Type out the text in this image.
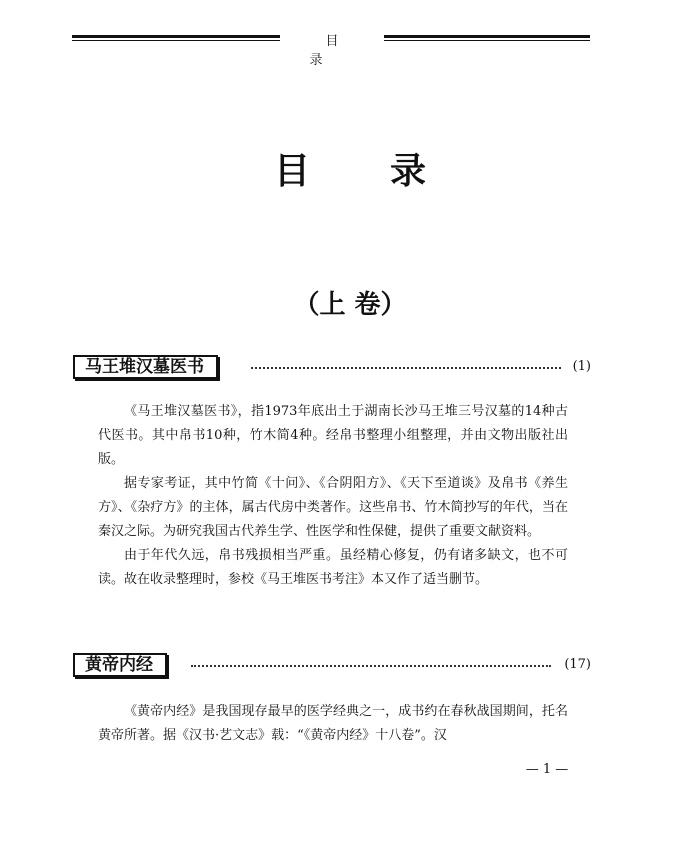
目录
目录
（上 卷）
马王堆汉墓医书	(1)

《马王堆汉墓医书》，指1973年底出土于湖南长沙马王堆三号汉墓的14种古代医书。其中帛书10种，竹木简4种。经帛书整理小组整理，并由文物出版社出版。

据专家考证，其中竹简《十问》、《合阴阳方》、《天下至道谈》及帛书《养生方》、《杂疗方》的主体，属古代房中类著作。这些帛书、竹木简抄写的年代，当在秦汉之际。为研究我国古代养生学、性医学和性保健，提供了重要文献资料。

由于年代久远，帛书残损相当严重。虽经精心修复，仍有诸多缺文，也不可读。故在收录整理时，参校《马王堆医书考注》本又作了适当删节。

黄帝内经	(17)

《黄帝内经》是我国现存最早的医学经典之一，成书约在春秋战国期间，托名黄帝所著。据《汉书·艺文志》载：“《黄帝内经》十八卷”。汉

— 1 —
